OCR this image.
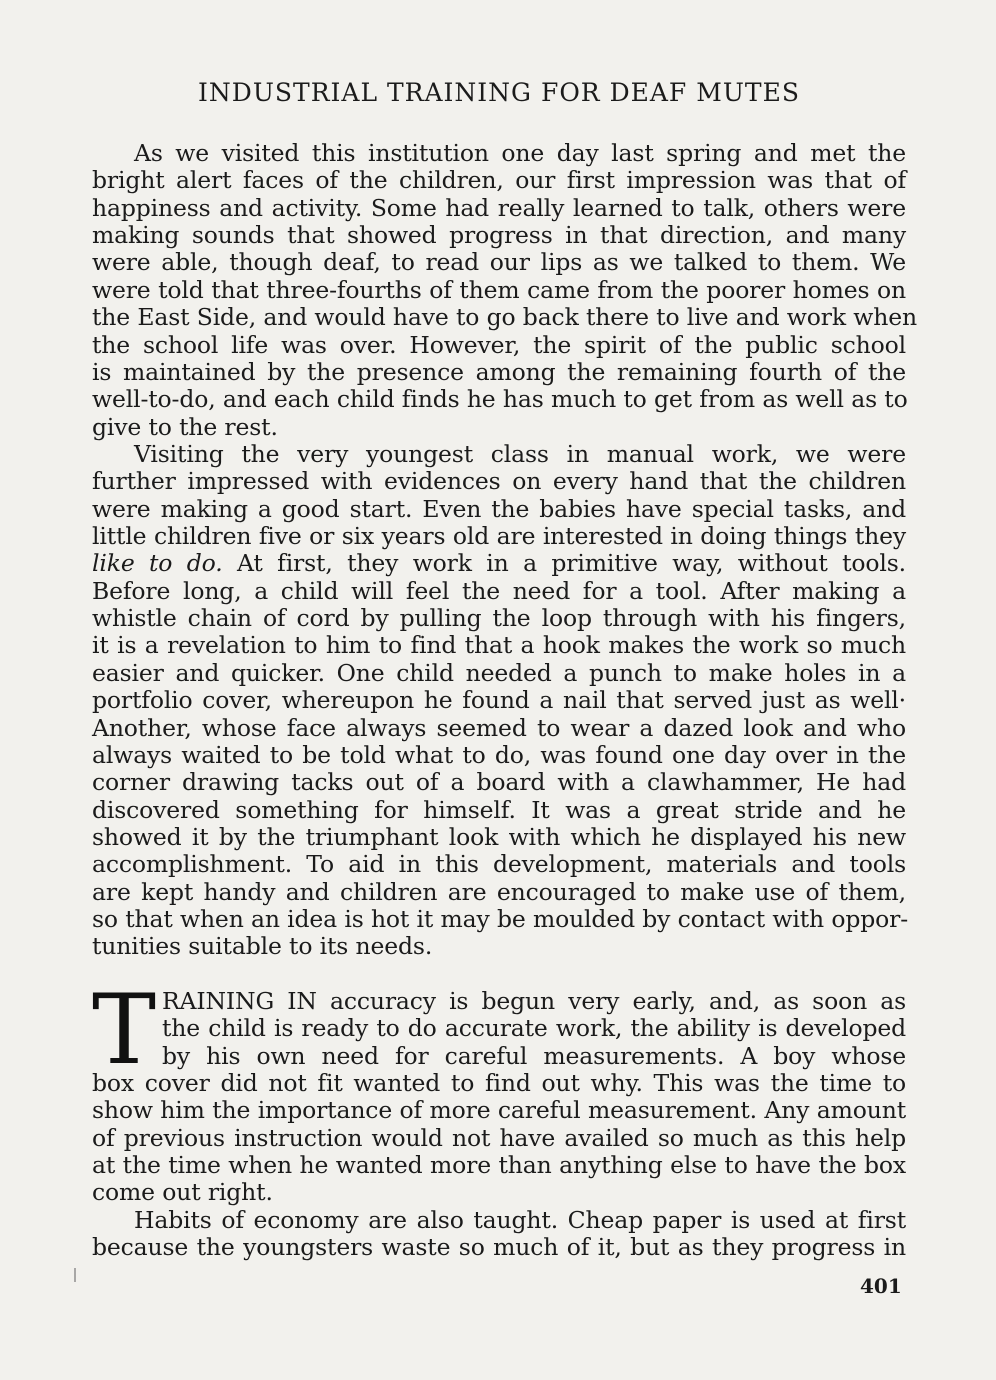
INDUSTRIAL TRAINING FOR DEAF MUTES
As we visited this institution one day last spring and met the
bright alert faces of the children, our first impression was that of
happiness and activity. Some had really learned to talk, others were
making sounds that showed progress in that direction, and many
were able, though deaf, to read our lips as we talked to them. We
were told that three-fourths of them came from the poorer homes on
the East Side, and would have to go back there to live and work when
the school life was over. However, the spirit of the public school
is maintained by the presence among the remaining fourth of the
well-to-do, and each child finds he has much to get from as well as to
give to the rest.
Visiting the very youngest class in manual work, we were
further impressed with evidences on every hand that the children
were making a good start. Even the babies have special tasks, and
little children five or six years old are interested in doing things they
like to do. At first, they work in a primitive way, without tools.
Before long, a child will feel the need for a tool. After making a
whistle chain of cord by pulling the loop through with his fingers,
it is a revelation to him to find that a hook makes the work so much
easier and quicker. One child needed a punch to make holes in a
portfolio cover, whereupon he found a nail that served just as well·
Another, whose face always seemed to wear a dazed look and who
always waited to be told what to do, was found one day over in the
corner drawing tacks out of a board with a clawhammer, He had
discovered something for himself. It was a great stride and he
showed it by the triumphant look with which he displayed his new
accomplishment. To aid in this development, materials and tools
are kept handy and children are encouraged to make use of them,
so that when an idea is hot it may be moulded by contact with oppor-
tunities suitable to its needs.
T RAINING IN accuracy is begun very early, and, as soon as
the child is ready to do accurate work, the ability is developed
by his own need for careful measurements. A boy whose
box cover did not fit wanted to find out why. This was the time to
show him the importance of more careful measurement. Any amount
of previous instruction would not have availed so much as this help
at the time when he wanted more than anything else to have the box
come out right.
Habits of economy are also taught. Cheap paper is used at first
because the youngsters waste so much of it, but as they progress in
401
